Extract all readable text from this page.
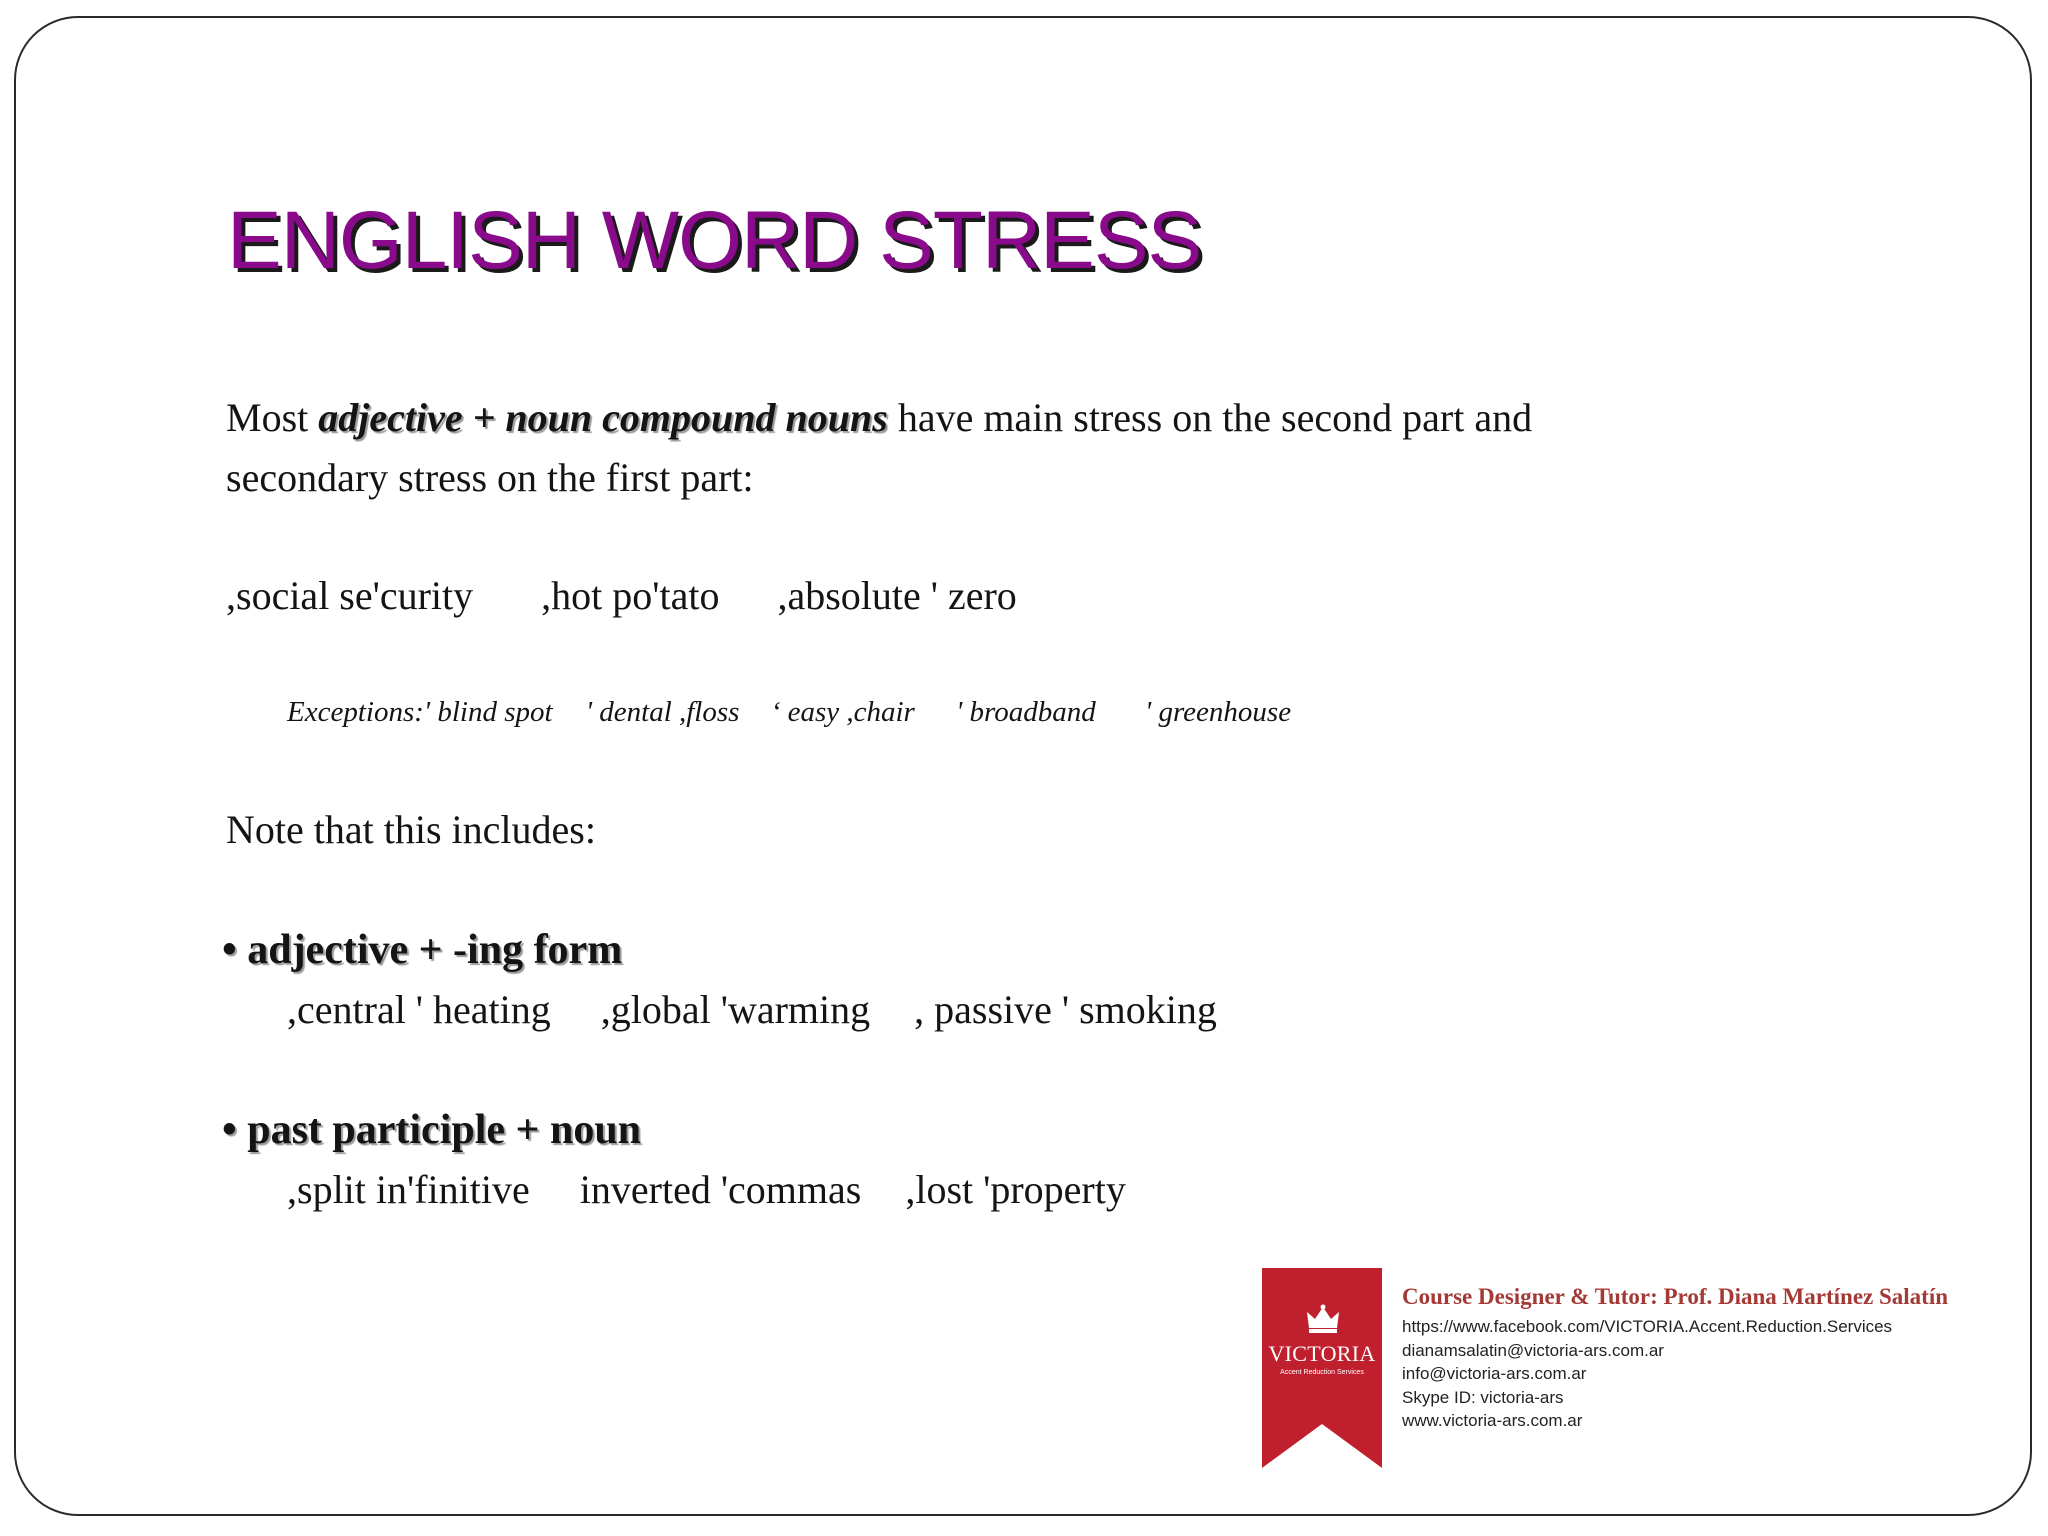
ENGLISH WORD STRESS

Most adjective + noun compound nouns have main stress on the second part and
secondary stress on the first part:

,social se'curity ,hot po'tato ,absolute ' zero
Exceptions:' blind spot ' dental ,floss ‘ easy ,chair ' broadband ' greenhouse

Note that this includes:

• adjective + -ing form
,central ' heating ,global 'warming , passive ' smoking
• past participle + noun
,split in'finitive inverted 'commas ,lost 'property
VICTORIA
Accent Reduction Services
Course Designer & Tutor: Prof. Diana Martínez Salatín
https://www.facebook.com/VICTORIA.Accent.Reduction.Services
dianamsalatin@victoria-ars.com.ar
info@victoria-ars.com.ar
Skype ID: victoria-ars
www.victoria-ars.com.ar
